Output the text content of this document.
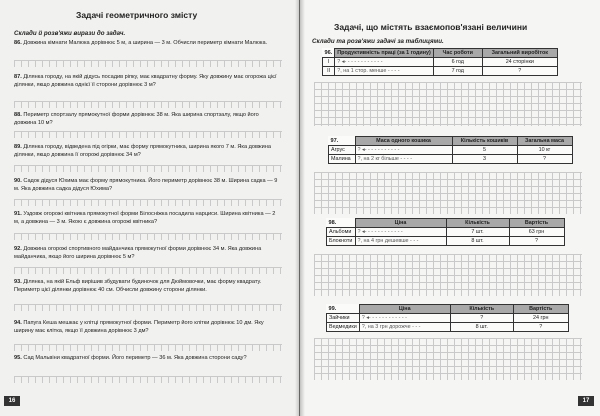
Задачі геометричного змісту
Склади й розв'яжи вирази до задач.
86. Довжина кімнати Малюка дорівнює 5 м, а ширина — 3 м. Обчисли периметр кімнати Малюка.
87. Ділянка городу, на якій дідусь посадив ріпку, має квадратну форму. Яку довжину має огорожа цієї ділянки, якщо довжина однієї її сторони дорівнює 3 м?
88. Периметр спортзалу прямокутної форми дорівнює 38 м. Яка ширина спортзалу, якщо його довжина 10 м?
89. Ділянка городу, відведена під огірки, має форму прямокутника, ширина якого 7 м. Яка довжина ділянки, якщо довжина її огорожі дорівнює 34 м?
90. Садок дідуся Юхима має форму прямокутника. Його периметр дорівнює 38 м. Ширина садка — 9 м. Яка довжина садка дідуся Юхима?
91. Уздовж огорожі квітника прямокутної форми Білосніжка посадила нарциси. Ширина квітника — 2 м, а довжина — 3 м. Якою є довжина огорожі квітника?
92. Довжина огорожі спортивного майданчика прямокутної форми дорівнює 34 м. Яка довжина майданчика, якщо його ширина дорівнює 5 м?
93. Ділянка, на якій Ельф вирішив збудувати будиночок для Дюймовочки, має форму квадрату. Периметр цієї ділянки дорівнює 40 см. Обчисли довжину сторони ділянки.
94. Папуга Кеша мешкає у клітці прямокутної форми. Периметр його клітки дорівнює 10 дм. Яку ширину має клітка, якщо її довжина дорівнює 3 дм?
95. Сад Мальвіни квадратної форми. Його периметр — 36 м. Яка довжина сторони саду?
16
Задачі, що містять взаємопов'язані величини
Склади та розв'яжи задачі за таблицями.
96.	Продуктивність праці (за 1 годину)	Час роботи	Загальний виробіток
I	? ◂- - - - - - - - - - - -	6 год	24 сторінки
II	?, на 1 стор. менше - - - -	7 год	?
97.	Маса одного кошика	Кількість кошиків	Загальна маса
Агрус	? ◂- - - - - - - - - - -	5	10 кг
Малина	?, на 2 кг більше - - - -	3	?
98.	Ціна	Кількість	Вартість
Альбоми	? ◂- - - - - - - - - - - -	7 шт.	63 грн
Блокноти	?, на 4 грн дешевше - - -	8 шт.	?
99.	Ціна	Кількість	Вартість
Зайчики	? ◂- - - - - - - - - - - -	?	24 грн
Ведмедики	?, на 3 грн дорожче - - -	8 шт.	?
17
